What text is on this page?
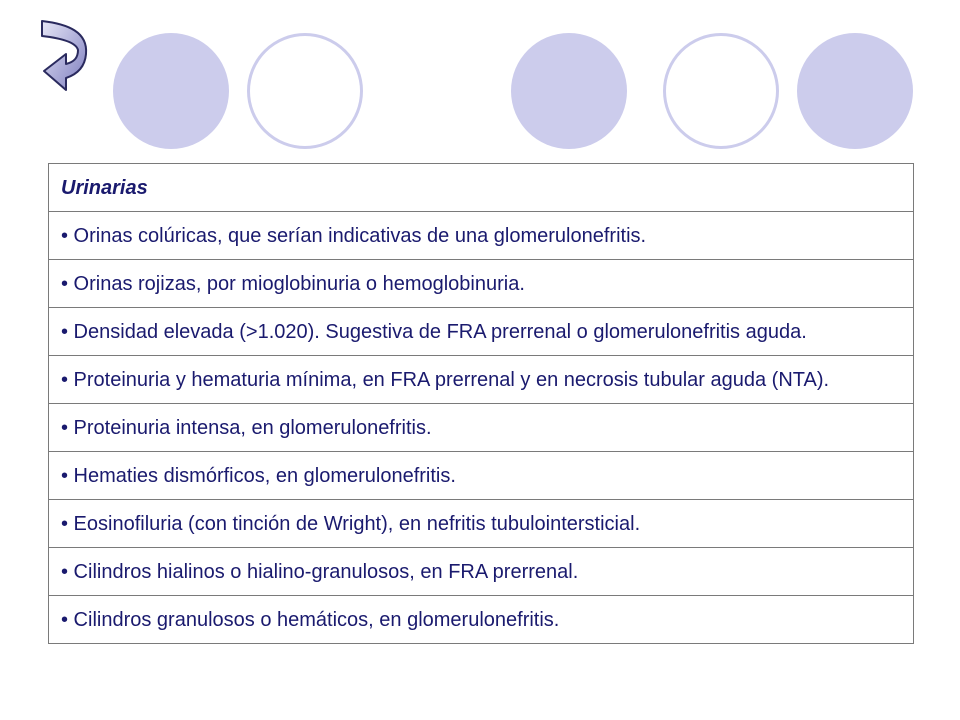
Urinarias
• Orinas colúricas, que serían indicativas de una glomerulonefritis.
• Orinas rojizas, por mioglobinuria o hemoglobinuria.
• Densidad elevada (>1.020). Sugestiva de FRA prerrenal o glomerulonefritis aguda.
• Proteinuria y hematuria mínima, en FRA prerrenal y en necrosis tubular aguda (NTA).
• Proteinuria intensa, en glomerulonefritis.
• Hematies dismórficos, en glomerulonefritis.
• Eosinofiluria (con tinción de Wright), en nefritis tubulointersticial.
• Cilindros hialinos o hialino-granulosos, en FRA prerrenal.
• Cilindros granulosos o hemáticos, en glomerulonefritis.
